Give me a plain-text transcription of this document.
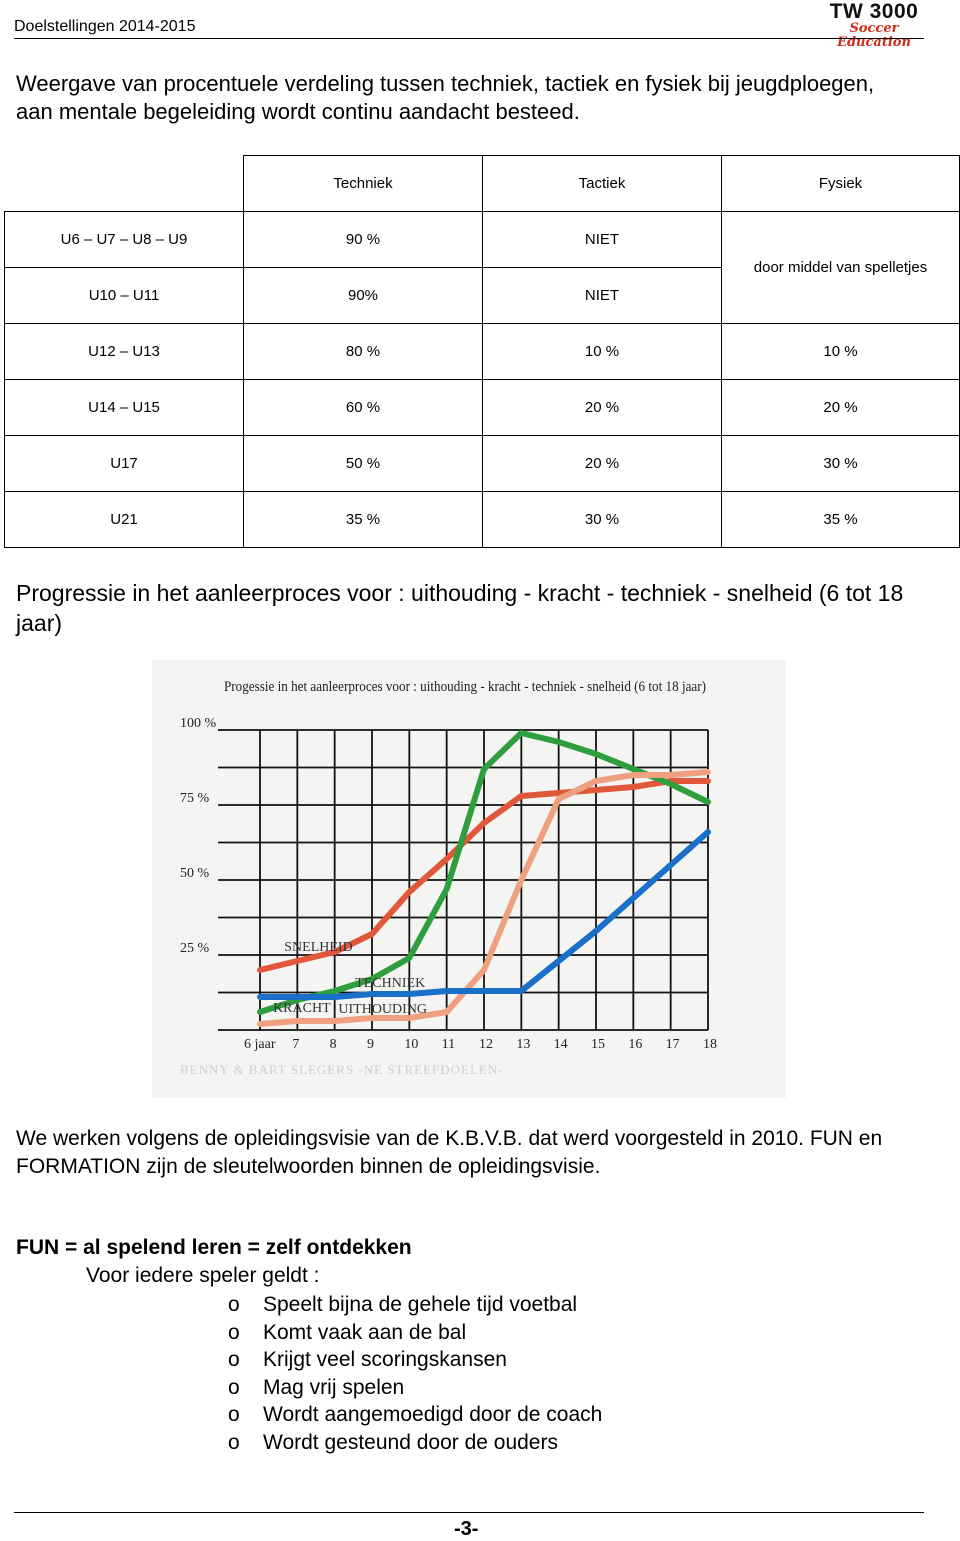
Doelstellingen 2014-2015
TW 3000
Soccer Education
Weergave van procentuele verdeling tussen techniek, tactiek en fysiek bij jeugdploegen, aan mentale begeleiding wordt continu aandacht besteed.
	Techniek	Tactiek	Fysiek
U6 – U7 – U8 – U9	90 %	NIET	door middel van spelletjes
U10 – U11	90%	NIET	
U12 – U13	80 %	10 %	10 %
U14 – U15	60 %	20 %	20 %
U17	50 %	20 %	30 %
U21	35 %	30 %	35 %
Progressie in het aanleerproces voor : uithouding - kracht - techniek - snelheid (6 tot 18 jaar)
Progessie in het aanleerproces voor : uithouding - kracht - techniek - snelheid (6 tot 18 jaar)
BENNY & BART SLEGERS -NE STREEFDOELEN-
100 %
75 %
50 %
25 %
6 jaar 7 8 9 10 11 12 13 14 15 16 17 18
SNELHEID
TECHNIEK
KRACHT UITHOUDING
We werken volgens de opleidingsvisie van de K.B.V.B. dat werd voorgesteld in 2010. FUN en FORMATION zijn de sleutelwoorden binnen de opleidingsvisie.
FUN = al spelend leren = zelf ontdekken
Voor iedere speler geldt :
o Speelt bijna de gehele tijd voetbal
o Komt vaak aan de bal
o Krijgt veel scoringskansen
o Mag vrij spelen
o Wordt aangemoedigd door de coach
o Wordt gesteund door de ouders
-3-
